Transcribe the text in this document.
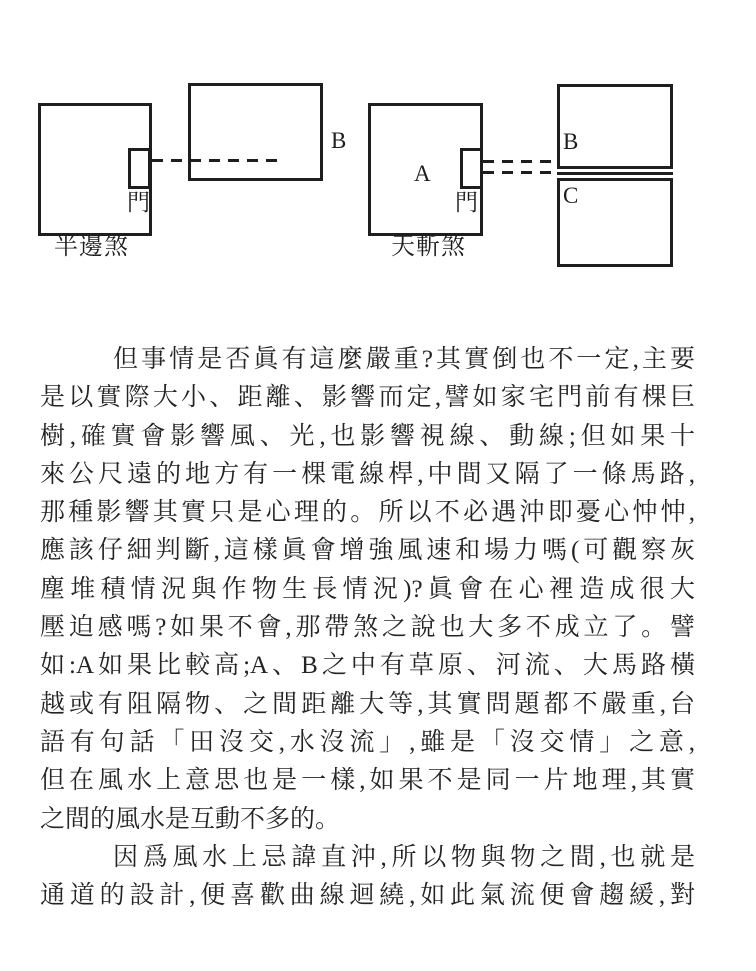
B
門
半邊煞
A
B
C
門
天斬煞
但事情是否眞有這麼嚴重?其實倒也不一定,主要
是以實際大小、距離、影響而定,譬如家宅門前有棵巨
樹,確實會影響風、光,也影響視線、動線;但如果十
來公尺遠的地方有一棵電線桿,中間又隔了一條馬路,
那種影響其實只是心理的。所以不必遇沖即憂心忡忡,
應該仔細判斷,這樣眞會增強風速和場力嗎(可觀察灰
塵堆積情況與作物生長情況)?眞會在心裡造成很大
壓迫感嗎?如果不會,那帶煞之說也大多不成立了。譬
如:A如果比較高;A、B之中有草原、河流、大馬路橫
越或有阻隔物、之間距離大等,其實問題都不嚴重,台
語有句話「田沒交,水沒流」,雖是「沒交情」之意,
但在風水上意思也是一樣,如果不是同一片地理,其實
之間的風水是互動不多的。
因爲風水上忌諱直沖,所以物與物之間,也就是
通道的設計,便喜歡曲線迴繞,如此氣流便會趨緩,對
